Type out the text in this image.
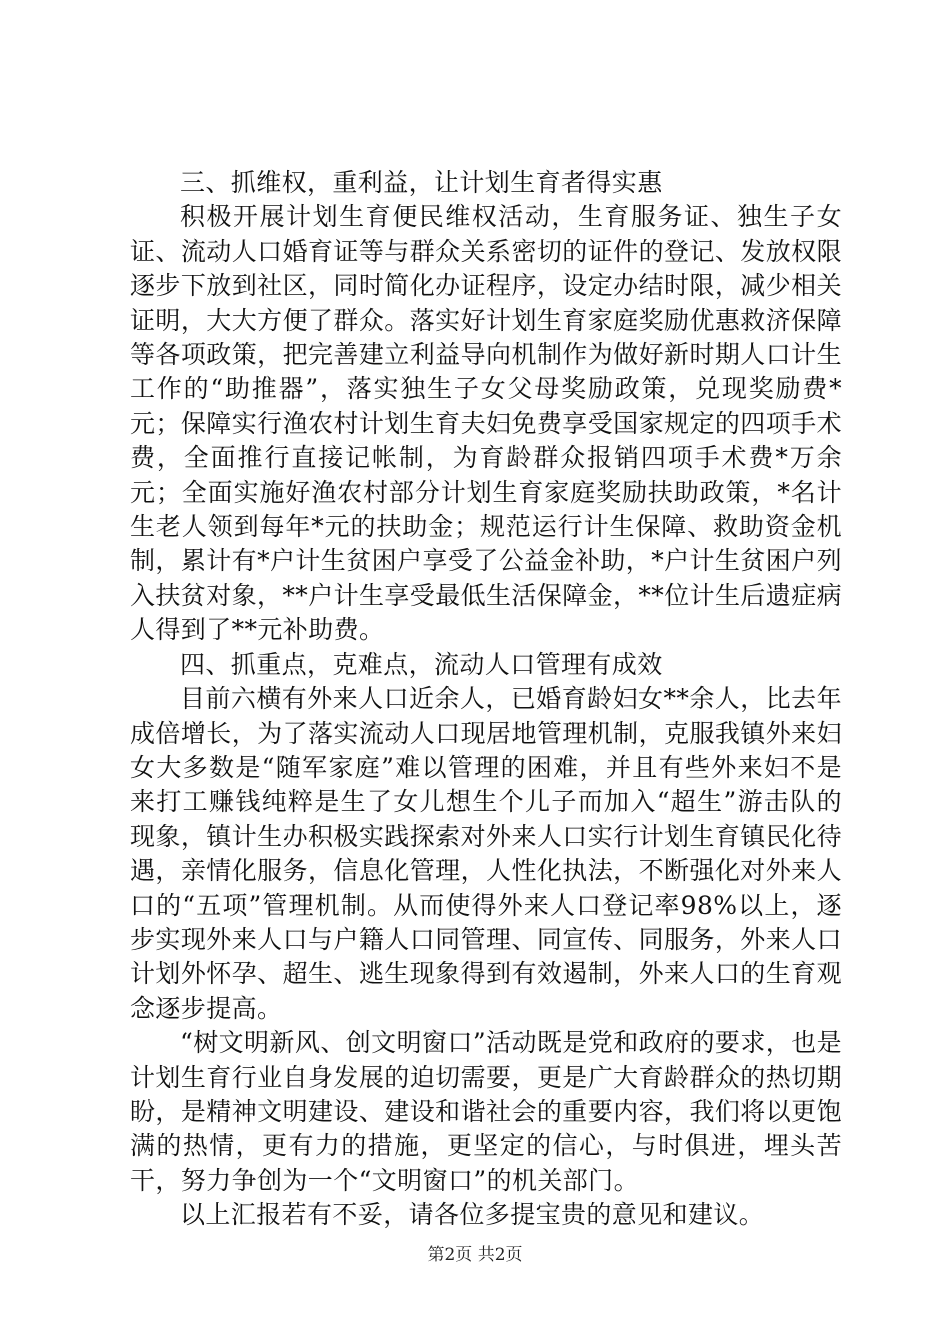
三、抓维权，重利益，让计划生育者得实惠

积极开展计划生育便民维权活动，生育服务证、独生子女证、流动人口婚育证等与群众关系密切的证件的登记、发放权限逐步下放到社区，同时简化办证程序，设定办结时限，减少相关证明，大大方便了群众。落实好计划生育家庭奖励优惠救济保障等各项政策，把完善建立利益导向机制作为做好新时期人口计生工作的“助推器”，落实独生子女父母奖励政策，兑现奖励费*元；保障实行渔农村计划生育夫妇免费享受国家规定的四项手术费，全面推行直接记帐制，为育龄群众报销四项手术费*万余元；全面实施好渔农村部分计划生育家庭奖励扶助政策，*名计生老人领到每年*元的扶助金；规范运行计生保障、救助资金机制，累计有*户计生贫困户享受了公益金补助，*户计生贫困户列入扶贫对象，**户计生享受最低生活保障金，**位计生后遗症病人得到了**元补助费。

四、抓重点，克难点，流动人口管理有成效

目前六横有外来人口近余人，已婚育龄妇女**余人，比去年成倍增长，为了落实流动人口现居地管理机制，克服我镇外来妇女大多数是“随军家庭”难以管理的困难，并且有些外来妇不是来打工赚钱纯粹是生了女儿想生个儿子而加入“超生”游击队的现象，镇计生办积极实践探索对外来人口实行计划生育镇民化待遇，亲情化服务，信息化管理，人性化执法，不断强化对外来人口的“五项”管理机制。从而使得外来人口登记率98%以上，逐步实现外来人口与户籍人口同管理、同宣传、同服务，外来人口计划外怀孕、超生、逃生现象得到有效遏制，外来人口的生育观念逐步提高。

“树文明新风、创文明窗口”活动既是党和政府的要求，也是计划生育行业自身发展的迫切需要，更是广大育龄群众的热切期盼，是精神文明建设、建设和谐社会的重要内容，我们将以更饱满的热情，更有力的措施，更坚定的信心，与时俱进，埋头苦干，努力争创为一个“文明窗口”的机关部门。

以上汇报若有不妥，请各位多提宝贵的意见和建议。

第2页 共2页
